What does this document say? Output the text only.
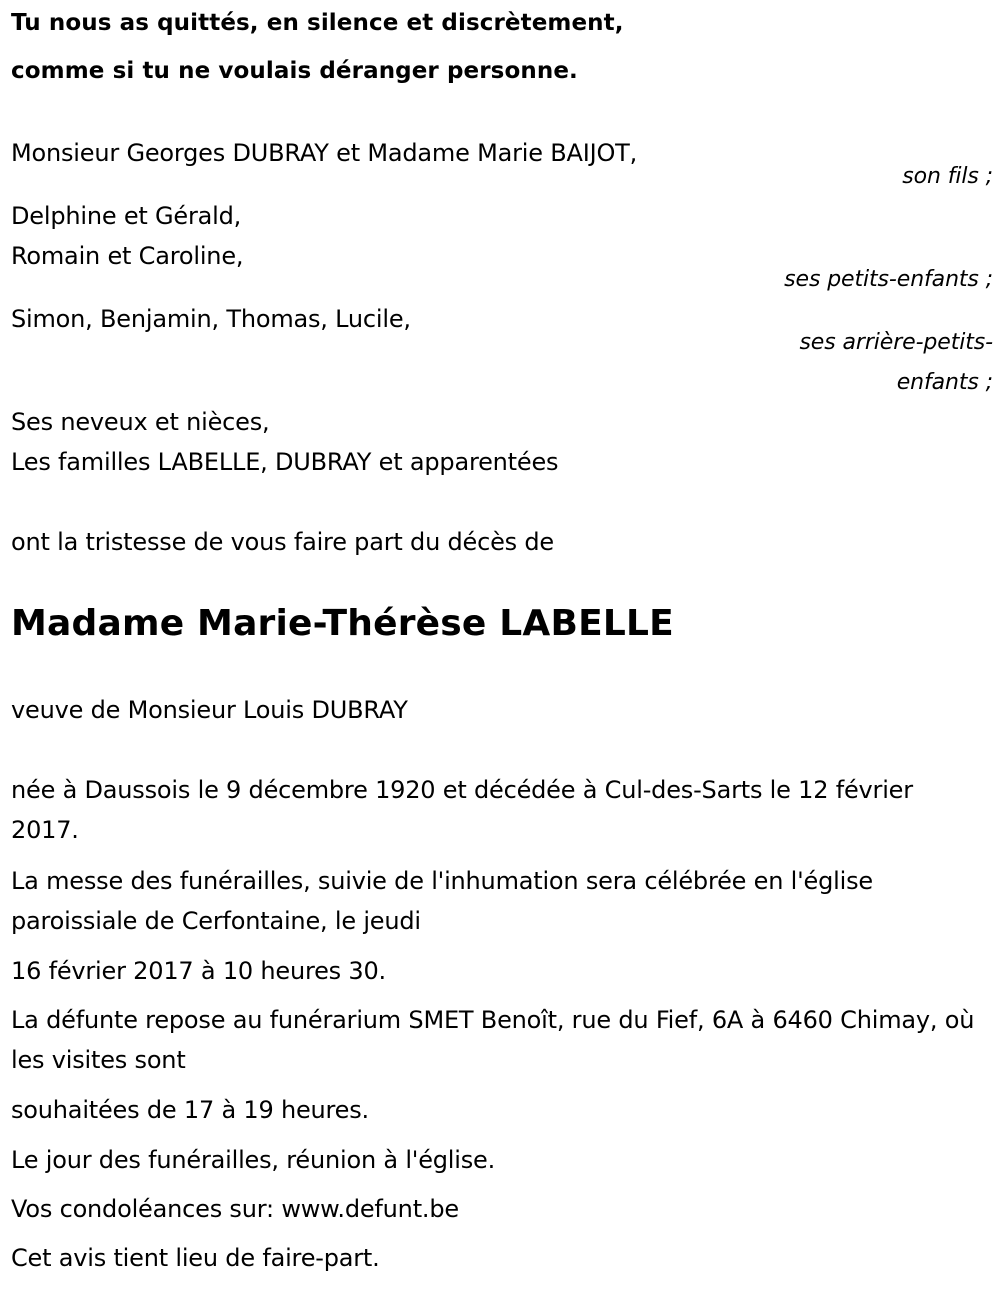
Tu nous as quittés, en silence et discrètement,

comme si tu ne voulais déranger personne.

Monsieur Georges DUBRAY et Madame Marie BAIJOT,

son fils ;

Delphine et Gérald,

Romain et Caroline,

ses petits-enfants ;

Simon, Benjamin, Thomas, Lucile,

ses arrière-petits-

enfants ;

Ses neveux et nièces,

Les familles LABELLE, DUBRAY et apparentées

ont la tristesse de vous faire part du décès de

Madame Marie-Thérèse LABELLE

veuve de Monsieur Louis DUBRAY

née à Daussois le 9 décembre 1920 et décédée à Cul-des-Sarts le 12 février 2017.

La messe des funérailles, suivie de l'inhumation sera célébrée en l'église paroissiale de Cerfontaine, le jeudi

16 février 2017 à 10 heures 30.

La défunte repose au funérarium SMET Benoît, rue du Fief, 6A à 6460 Chimay, où les visites sont

souhaitées de 17 à 19 heures.

Le jour des funérailles, réunion à l'église.

Vos condoléances sur: www.defunt.be

Cet avis tient lieu de faire-part.
